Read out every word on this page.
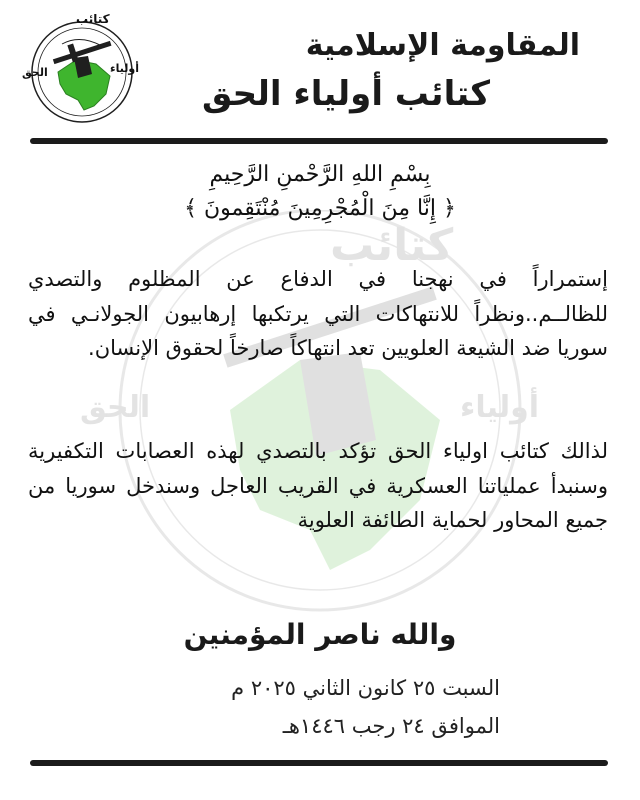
كتائب
أولياء
الحق
المقاومة الإسلامية
كتائب أولياء الحق
كتائب
الحق	أولياء
بِسْمِ اللهِ الرَّحْمنِ الرَّحِيمِ
﴿ إِنَّا مِنَ الْمُجْرِمِينَ مُنْتَقِمونَ ﴾
إستمراراً في نهجنا في الدفاع عن المظلوم والتصدي للظالــم..ونظراً للانتهاكات التي يرتكبها إرهابيون الجولانـي في سوريا ضد الشيعة العلويين تعد انتهاكاً صارخاً لحقوق الإنسان.
لذالك كتائب اولياء الحق تؤكد بالتصدي لهذه العصابات التكفيرية وسنبدأ عملياتنا العسكرية في القريب العاجل وسندخل سوريا من جميع المحاور لحماية الطائفة العلوية
والله ناصر المؤمنين
السبت ٢٥ كانون الثاني ٢٠٢٥ م
الموافق ٢٤ رجب ١٤٤٦هـ
